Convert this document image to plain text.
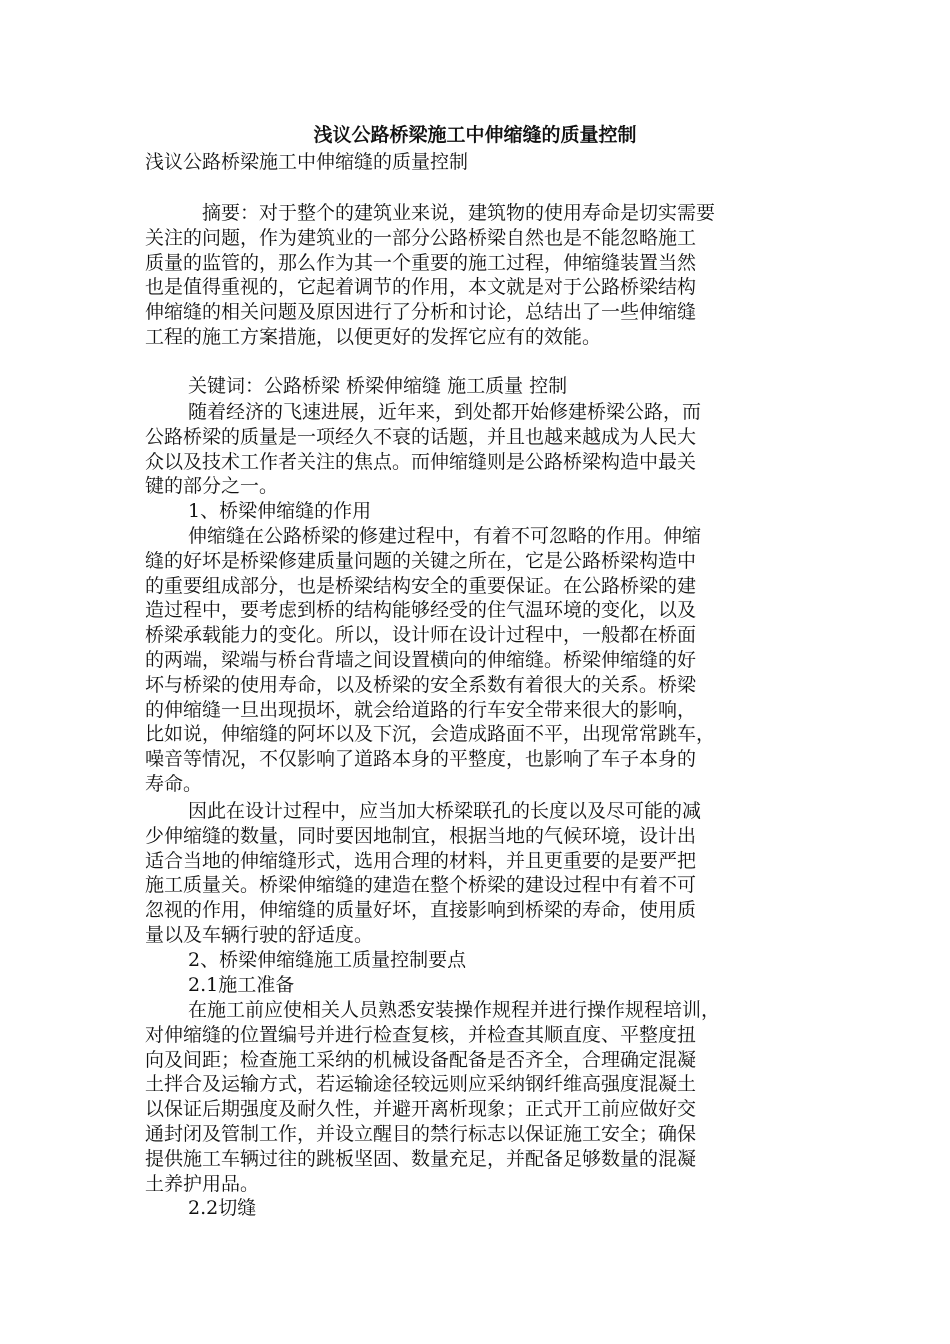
浅议公路桥梁施工中伸缩缝的质量控制

浅议公路桥梁施工中伸缩缝的质量控制

摘要：对于整个的建筑业来说，建筑物的使用寿命是切实需要

关注的问题，作为建筑业的一部分公路桥梁自然也是不能忽略施工

质量的监管的，那么作为其一个重要的施工过程，伸缩缝装置当然

也是值得重视的，它起着调节的作用，本文就是对于公路桥梁结构

伸缩缝的相关问题及原因进行了分析和讨论，总结出了一些伸缩缝

工程的施工方案措施，以便更好的发挥它应有的效能。

关键词：公路桥梁 桥梁伸缩缝 施工质量 控制

随着经济的飞速进展，近年来，到处都开始修建桥梁公路，而

公路桥梁的质量是一项经久不衰的话题，并且也越来越成为人民大

众以及技术工作者关注的焦点。而伸缩缝则是公路桥梁构造中最关

键的部分之一。

1、桥梁伸缩缝的作用

伸缩缝在公路桥梁的修建过程中，有着不可忽略的作用。伸缩

缝的好坏是桥梁修建质量问题的关键之所在，它是公路桥梁构造中

的重要组成部分，也是桥梁结构安全的重要保证。在公路桥梁的建

造过程中，要考虑到桥的结构能够经受的住气温环境的变化，以及

桥梁承载能力的变化。所以，设计师在设计过程中，一般都在桥面

的两端，梁端与桥台背墙之间设置横向的伸缩缝。桥梁伸缩缝的好

坏与桥梁的使用寿命，以及桥梁的安全系数有着很大的关系。桥梁

的伸缩缝一旦出现损坏，就会给道路的行车安全带来很大的影响，

比如说，伸缩缝的阿坏以及下沉，会造成路面不平，出现常常跳车，

噪音等情况，不仅影响了道路本身的平整度，也影响了车子本身的

寿命。

因此在设计过程中，应当加大桥梁联孔的长度以及尽可能的减

少伸缩缝的数量，同时要因地制宜，根据当地的气候环境，设计出

适合当地的伸缩缝形式，选用合理的材料，并且更重要的是要严把

施工质量关。桥梁伸缩缝的建造在整个桥梁的建设过程中有着不可

忽视的作用，伸缩缝的质量好坏，直接影响到桥梁的寿命，使用质

量以及车辆行驶的舒适度。

2、桥梁伸缩缝施工质量控制要点

2.1施工准备

在施工前应使相关人员熟悉安装操作规程并进行操作规程培训，

对伸缩缝的位置编号并进行检查复核，并检查其顺直度、平整度扭

向及间距；检查施工采纳的机械设备配备是否齐全，合理确定混凝

土拌合及运输方式，若运输途径较远则应采纳钢纤维高强度混凝土

以保证后期强度及耐久性，并避开离析现象；正式开工前应做好交

通封闭及管制工作，并设立醒目的禁行标志以保证施工安全；确保

提供施工车辆过往的跳板坚固、数量充足，并配备足够数量的混凝

土养护用品。

2.2切缝
